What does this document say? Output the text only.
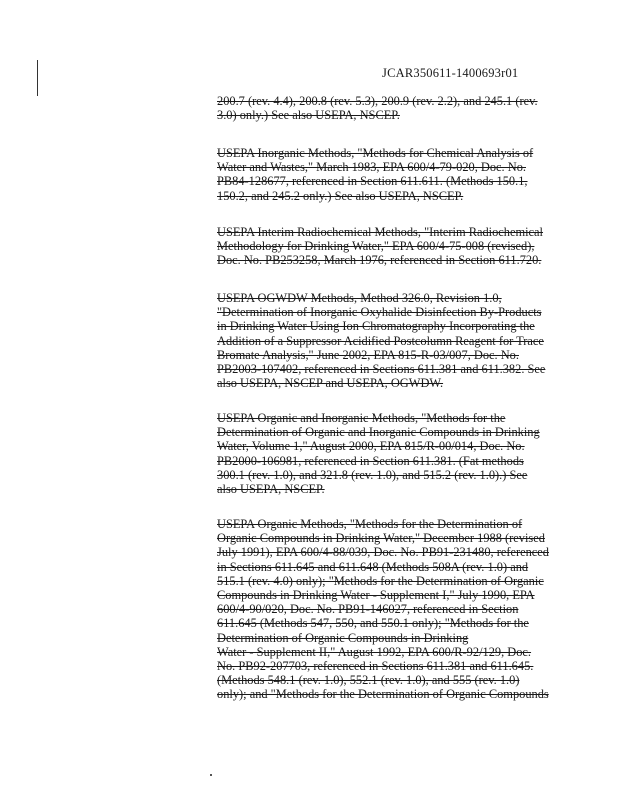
JCAR350611-1400693r01
200.7 (rev. 4.4), 200.8 (rev. 5.3), 200.9 (rev. 2.2), and 245.1 (rev.
3.0) only.) See also USEPA, NSCEP.
USEPA Inorganic Methods, "Methods for Chemical Analysis of
Water and Wastes," March 1983, EPA 600/4-79-020, Doc. No.
PB84-128677, referenced in Section 611.611. (Methods 150.1,
150.2, and 245.2 only.) See also USEPA, NSCEP.
USEPA Interim Radiochemical Methods, "Interim Radiochemical
Methodology for Drinking Water," EPA 600/4-75-008 (revised),
Doc. No. PB253258, March 1976, referenced in Section 611.720.
USEPA OGWDW Methods, Method 326.0, Revision 1.0,
"Determination of Inorganic Oxyhalide Disinfection By-Products
in Drinking Water Using Ion Chromatography Incorporating the
Addition of a Suppressor Acidified Postcolumn Reagent for Trace
Bromate Analysis," June 2002, EPA 815-R-03/007, Doc. No.
PB2003-107402, referenced in Sections 611.381 and 611.382. See
also USEPA, NSCEP and USEPA, OGWDW.
USEPA Organic and Inorganic Methods, "Methods for the
Determination of Organic and Inorganic Compounds in Drinking
Water, Volume 1," August 2000, EPA 815/R-00/014, Doc. No.
PB2000-106981, referenced in Section 611.381. (Fat methods
300.1 (rev. 1.0), and 321.8 (rev. 1.0), and 515.2 (rev. 1.0).) See
also USEPA, NSCEP.
USEPA Organic Methods, "Methods for the Determination of
Organic Compounds in Drinking Water," December 1988 (revised
July 1991), EPA 600/4-88/039, Doc. No. PB91-231480, referenced
in Sections 611.645 and 611.648 (Methods 508A (rev. 1.0) and
515.1 (rev. 4.0) only); "Methods for the Determination of Organic
Compounds in Drinking Water - Supplement I," July 1990, EPA
600/4-90/020, Doc. No. PB91-146027, referenced in Section
611.645 (Methods 547, 550, and 550.1 only); "Methods for the
Determination of Organic Compounds in Drinking
Water - Supplement II," August 1992, EPA 600/R-92/129, Doc.
No. PB92-207703, referenced in Sections 611.381 and 611.645.
(Methods 548.1 (rev. 1.0), 552.1 (rev. 1.0), and 555 (rev. 1.0)
only); and "Methods for the Determination of Organic Compounds
